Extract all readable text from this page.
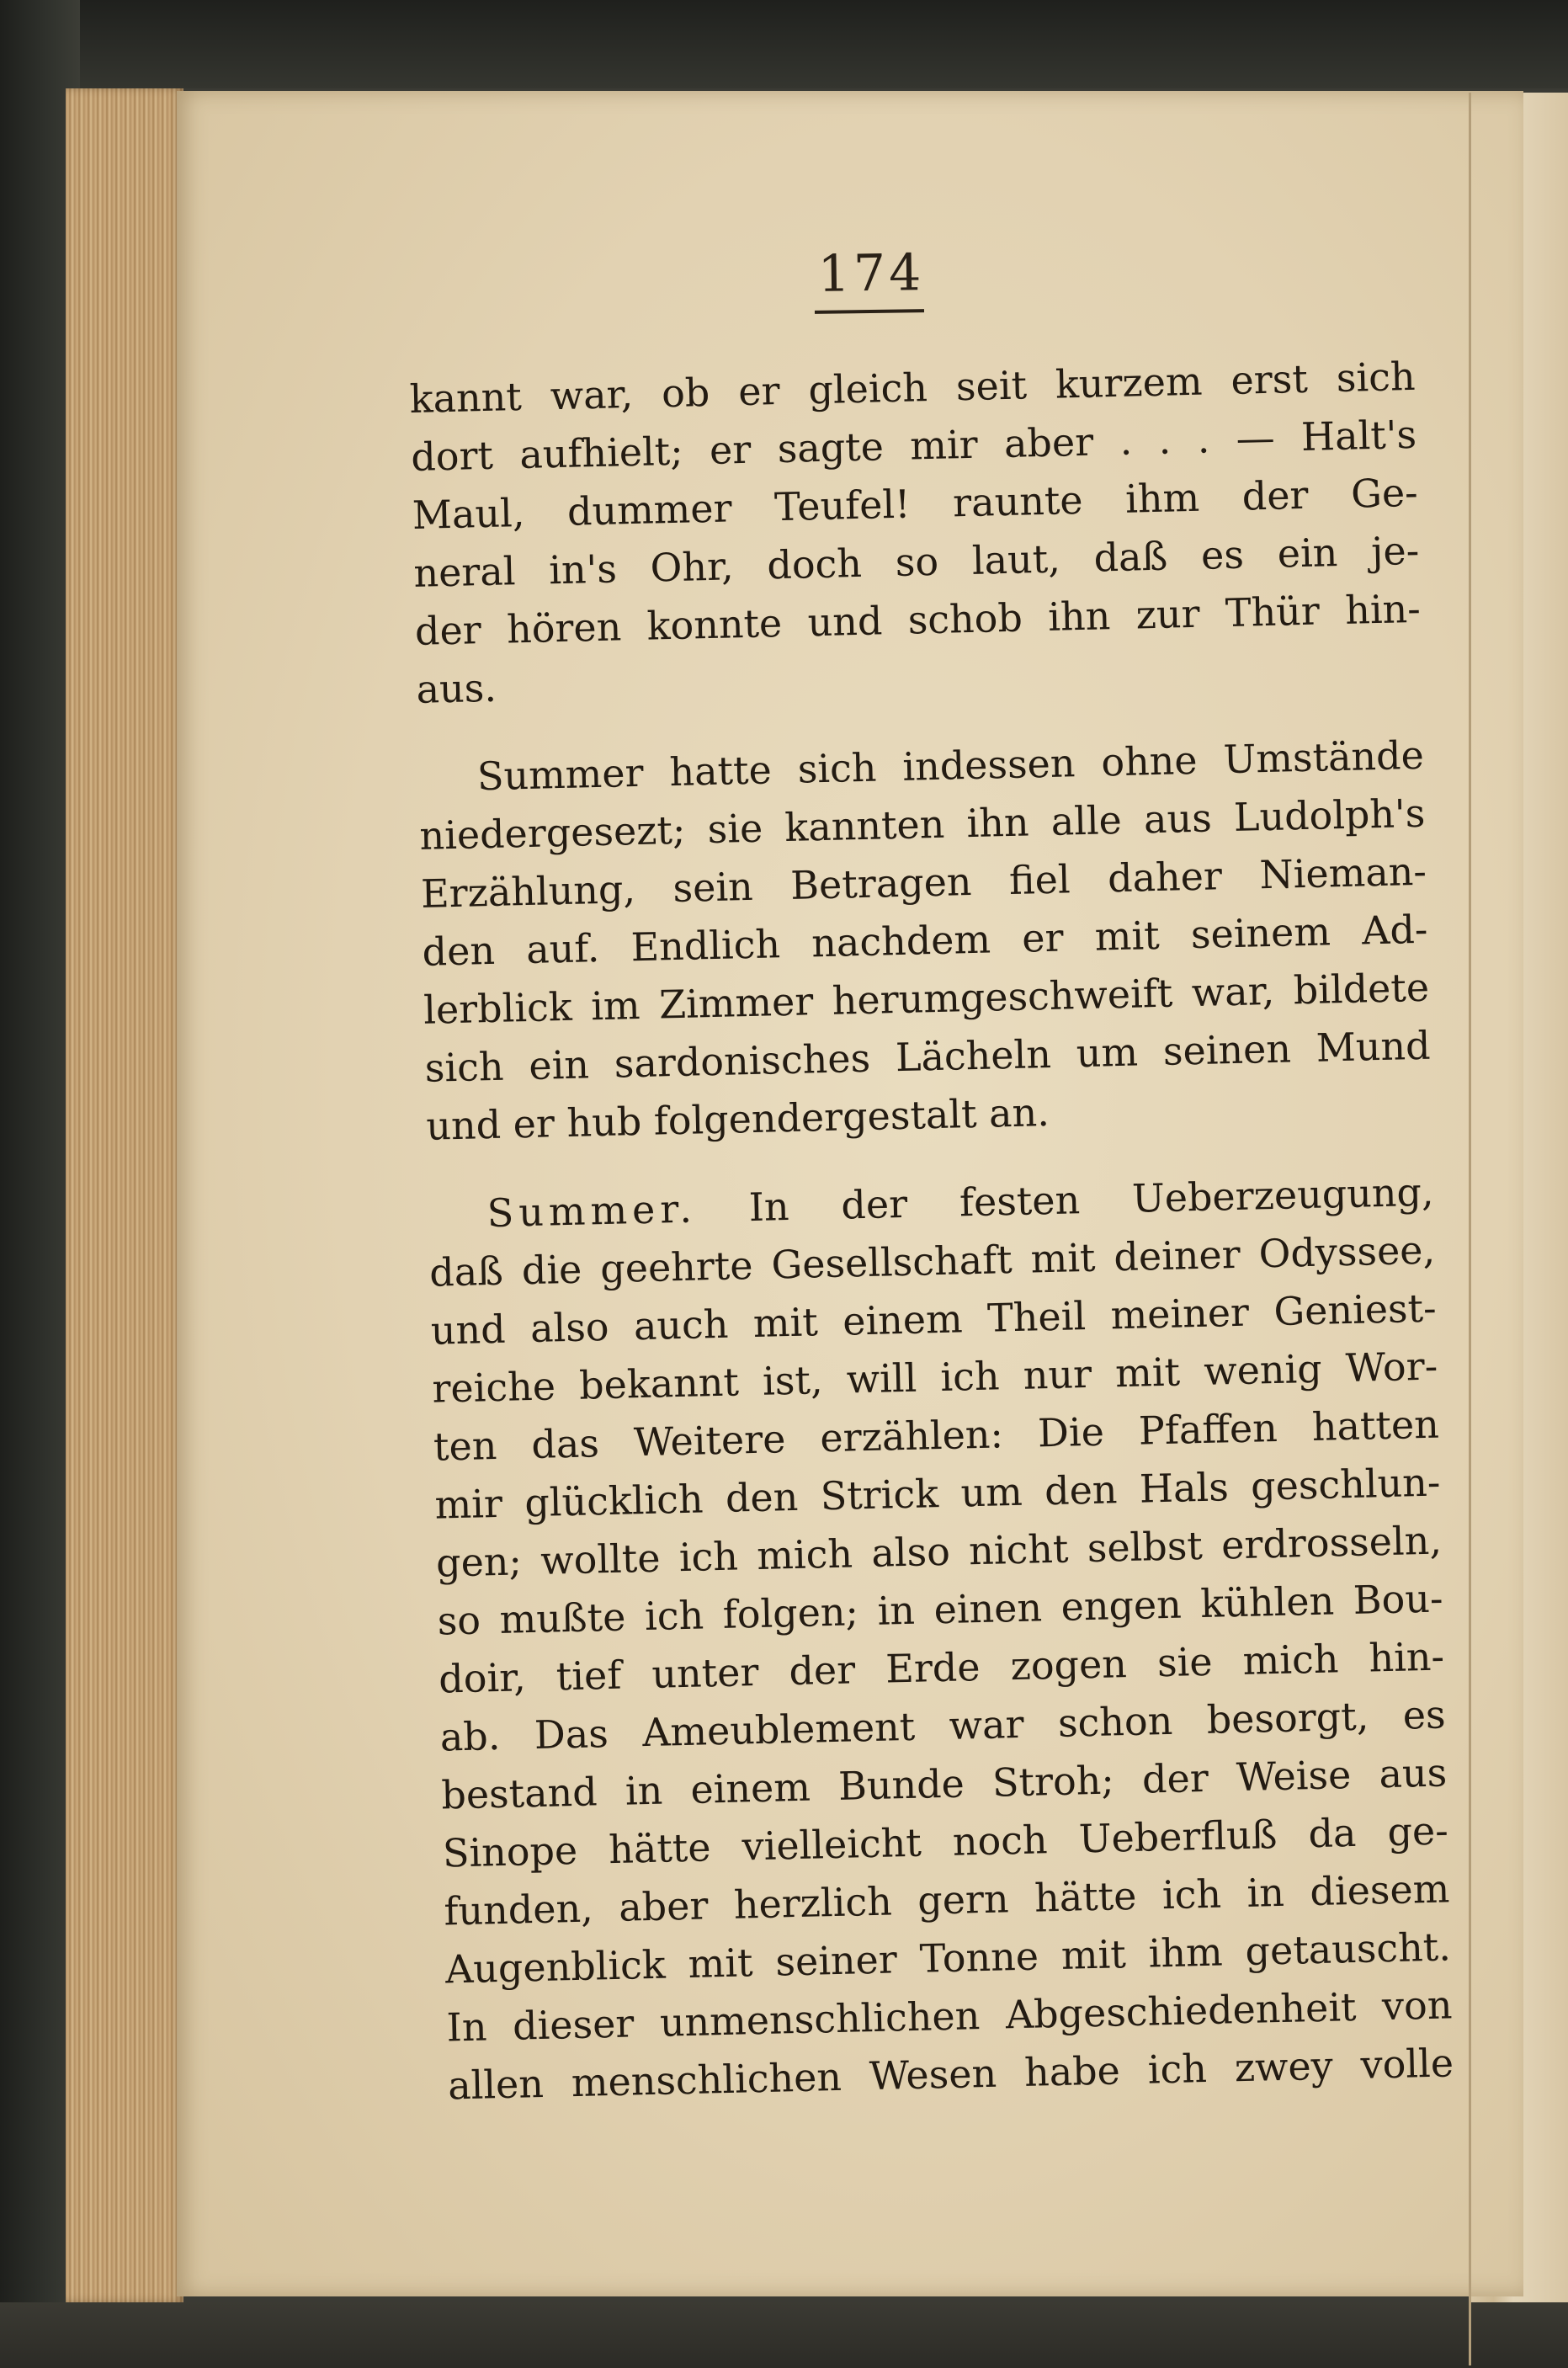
174
kannt war, ob er gleich seit kurzem erst sich
dort aufhielt; er sagte mir aber . . . — Halt's
Maul, dummer Teufel! raunte ihm der Ge-
neral in's Ohr, doch so laut, daß es ein je-
der hören konnte und schob ihn zur Thür hin-
aus.
Summer hatte sich indessen ohne Umstände
niedergesezt; sie kannten ihn alle aus Ludolph's
Erzählung, sein Betragen fiel daher Nieman-
den auf. Endlich nachdem er mit seinem Ad-
lerblick im Zimmer herumgeschweift war, bildete
sich ein sardonisches Lächeln um seinen Mund
und er hub folgendergestalt an.
Summer. In der festen Ueberzeugung,
daß die geehrte Gesellschaft mit deiner Odyssee,
und also auch mit einem Theil meiner Geniest-
reiche bekannt ist, will ich nur mit wenig Wor-
ten das Weitere erzählen: Die Pfaffen hatten
mir glücklich den Strick um den Hals geschlun-
gen; wollte ich mich also nicht selbst erdrosseln,
so mußte ich folgen; in einen engen kühlen Bou-
doir, tief unter der Erde zogen sie mich hin-
ab. Das Ameublement war schon besorgt, es
bestand in einem Bunde Stroh; der Weise aus
Sinope hätte vielleicht noch Ueberfluß da ge-
funden, aber herzlich gern hätte ich in diesem
Augenblick mit seiner Tonne mit ihm getauscht.
In dieser unmenschlichen Abgeschiedenheit von
allen menschlichen Wesen habe ich zwey volle
